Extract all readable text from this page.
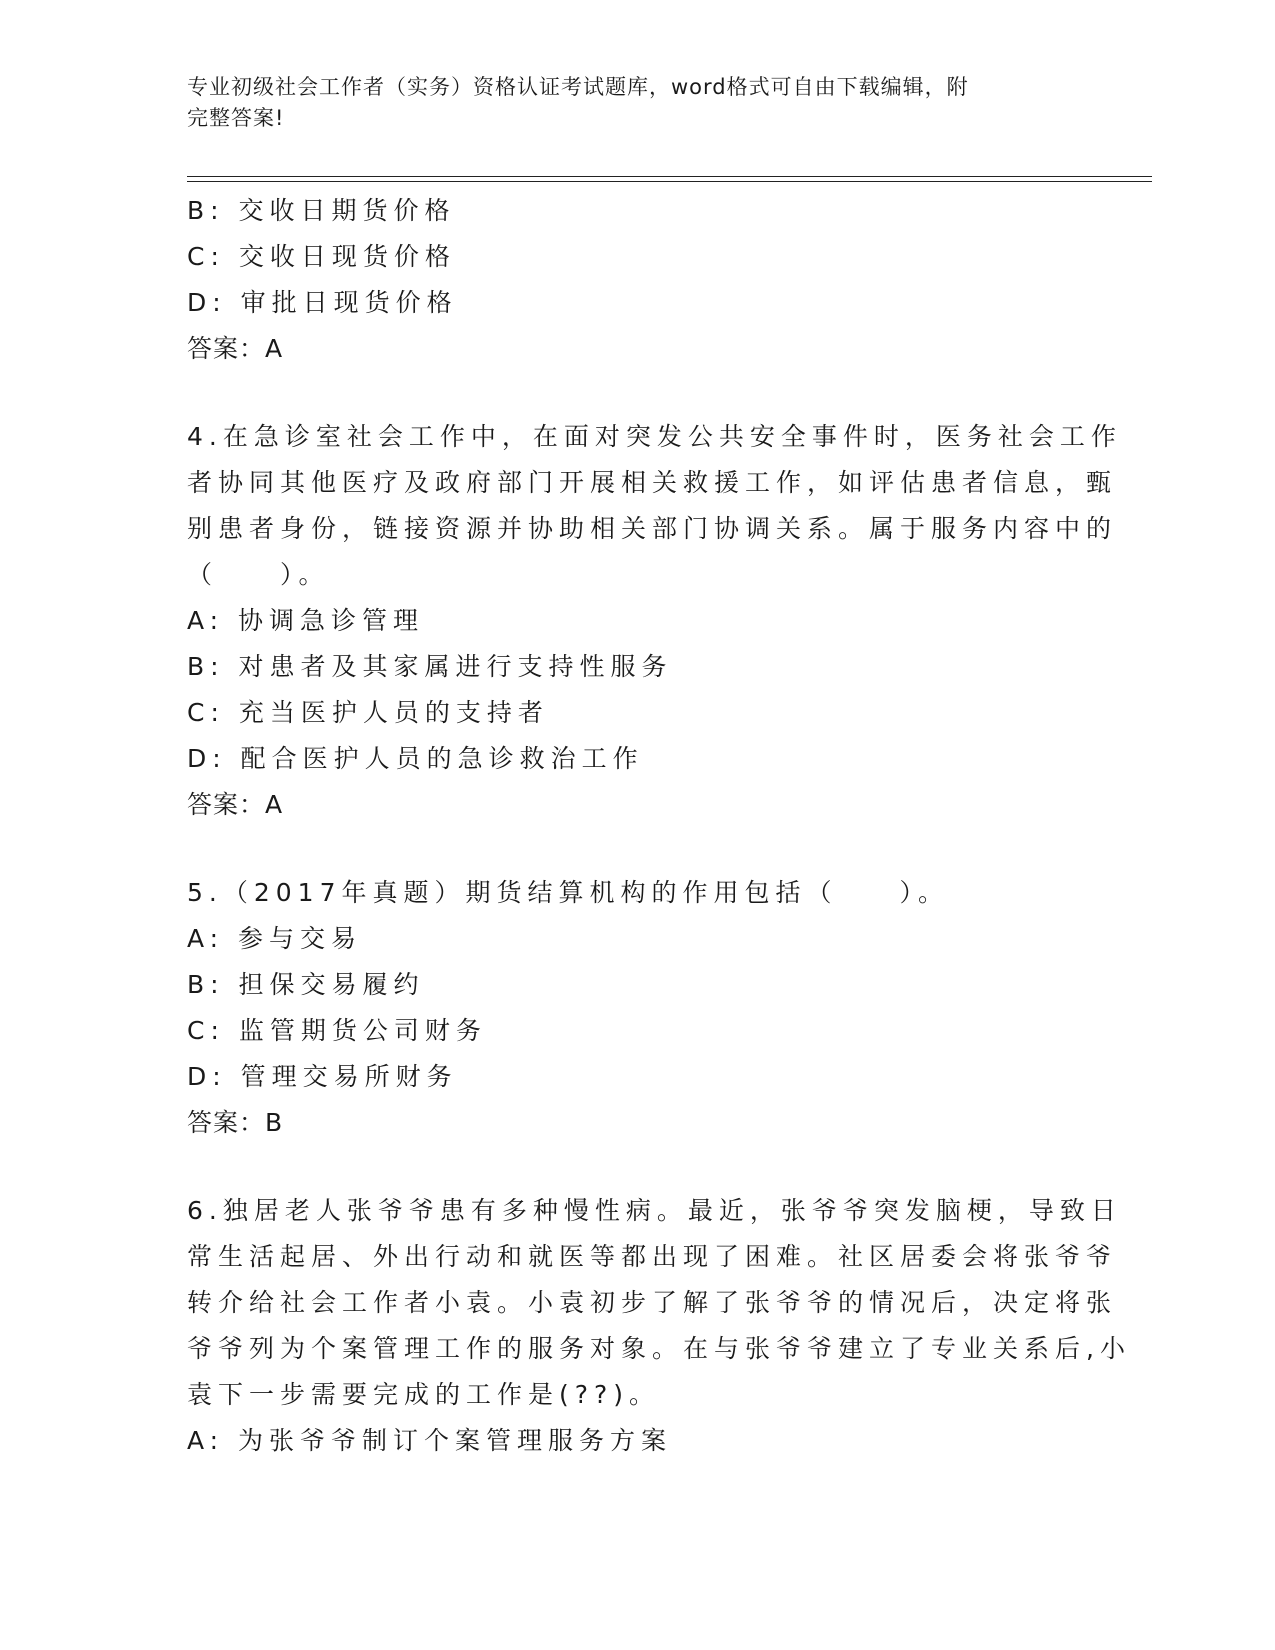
专业初级社会工作者（实务）资格认证考试题库，word格式可自由下载编辑，附
完整答案!
B: 交收日期货价格
C: 交收日现货价格
D: 审批日现货价格
答案：A
4.在急诊室社会工作中，在面对突发公共安全事件时，医务社会工作
者协同其他医疗及政府部门开展相关救援工作，如评估患者信息，甄
别患者身份，链接资源并协助相关部门协调关系。属于服务内容中的
（　　）。
A: 协调急诊管理
B: 对患者及其家属进行支持性服务
C: 充当医护人员的支持者
D: 配合医护人员的急诊救治工作
答案：A
5.（2017年真题）期货结算机构的作用包括（　　）。
A: 参与交易
B: 担保交易履约
C: 监管期货公司财务
D: 管理交易所财务
答案：B
6.独居老人张爷爷患有多种慢性病。最近，张爷爷突发脑梗，导致日
常生活起居、外出行动和就医等都出现了困难。社区居委会将张爷爷
转介给社会工作者小袁。小袁初步了解了张爷爷的情况后，决定将张
爷爷列为个案管理工作的服务对象。在与张爷爷建立了专业关系后,小
袁下一步需要完成的工作是(??)。
A: 为张爷爷制订个案管理服务方案
